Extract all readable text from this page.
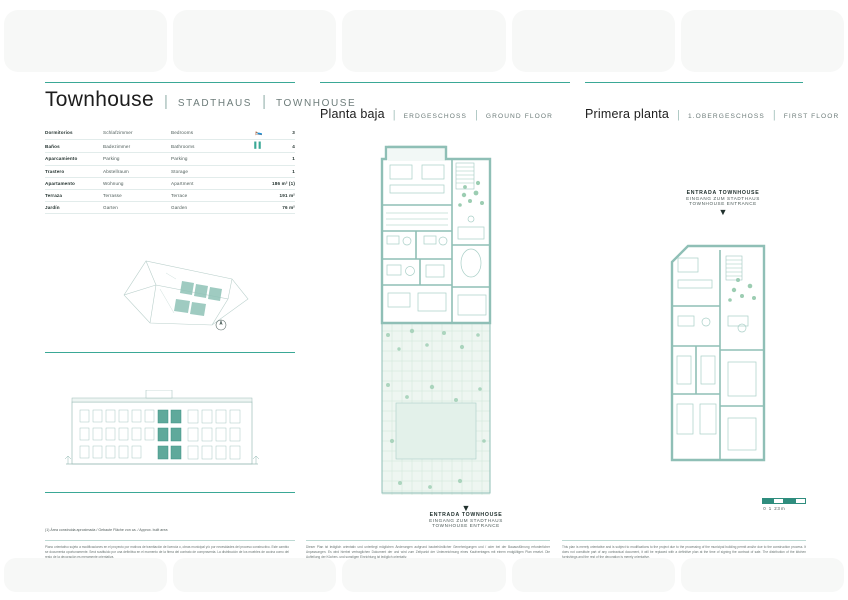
Townhouse | STADTHAUS | TOWNHOUSE
Dormitorios	Schlafzimmer	Bedrooms	🛌	3
Baños	Badezimmer	Bathrooms	▌▌	4
Aparcamiento	Parking	Parking		1
Trastero	Abstellraum	Storage		1
Apartamento	Wohnung	Apartment		186 m² (1)
Terraza	Terrasse	Terrace		191 m²
Jardín	Garten	Garden		76 m²
(1) Área construida aproximada / Gebaute Fläche von ca. / Approx. built area
Plano orientativo sujeto a modificaciones en el proyecto por motivos de tramitación de licencia o, obras municipal y/o por necesidades del proceso constructivo. Este cambio se documenta oportunamente. Será sustituido por una definitiva en el momento de la firma del contrato de compraventa. La distribución de los muebles de cocina como del resto de la decoración es meramente orientativa.
Dieser Plan ist lediglich orientativ und unterliegt möglichen Änderungen aufgrund baubehördlicher Genehmigungen und / oder bei der Bauausführung erforderlicher Anpassungen. Es wird hierbei vertraglichen Dokument der und wird zum Zeitpunkt der Unterzeichnung eines Kaufvertrages mit einem endgültigen Plan ersetzt. Die Aufteilung der Küchen- und sonstigen Einrichtung ist lediglich orientativ.
This plan is merely orientative and is subject to modifications to the project due to the processing of the municipal building permit and/or due to the construction process. It does not constitute part of any contractual document, it will be replaced with a definitive plan at the time of signing the contract of sale. The distribution of the kitchen furnishings and the rest of the decoration is merely orientative.
Planta baja | ERDGESCHOSS | GROUND FLOOR
▼
ENTRADA TOWNHOUSE
EINGANG ZUM STADTHAUS
TOWNHOUSE ENTRANCE
Primera planta | 1.OBERGESCHOSS | FIRST FLOOR
ENTRADA TOWNHOUSE
EINGANG ZUM STADTHAUS
TOWNHOUSE ENTRANCE
▼
0 1 2 3 m
